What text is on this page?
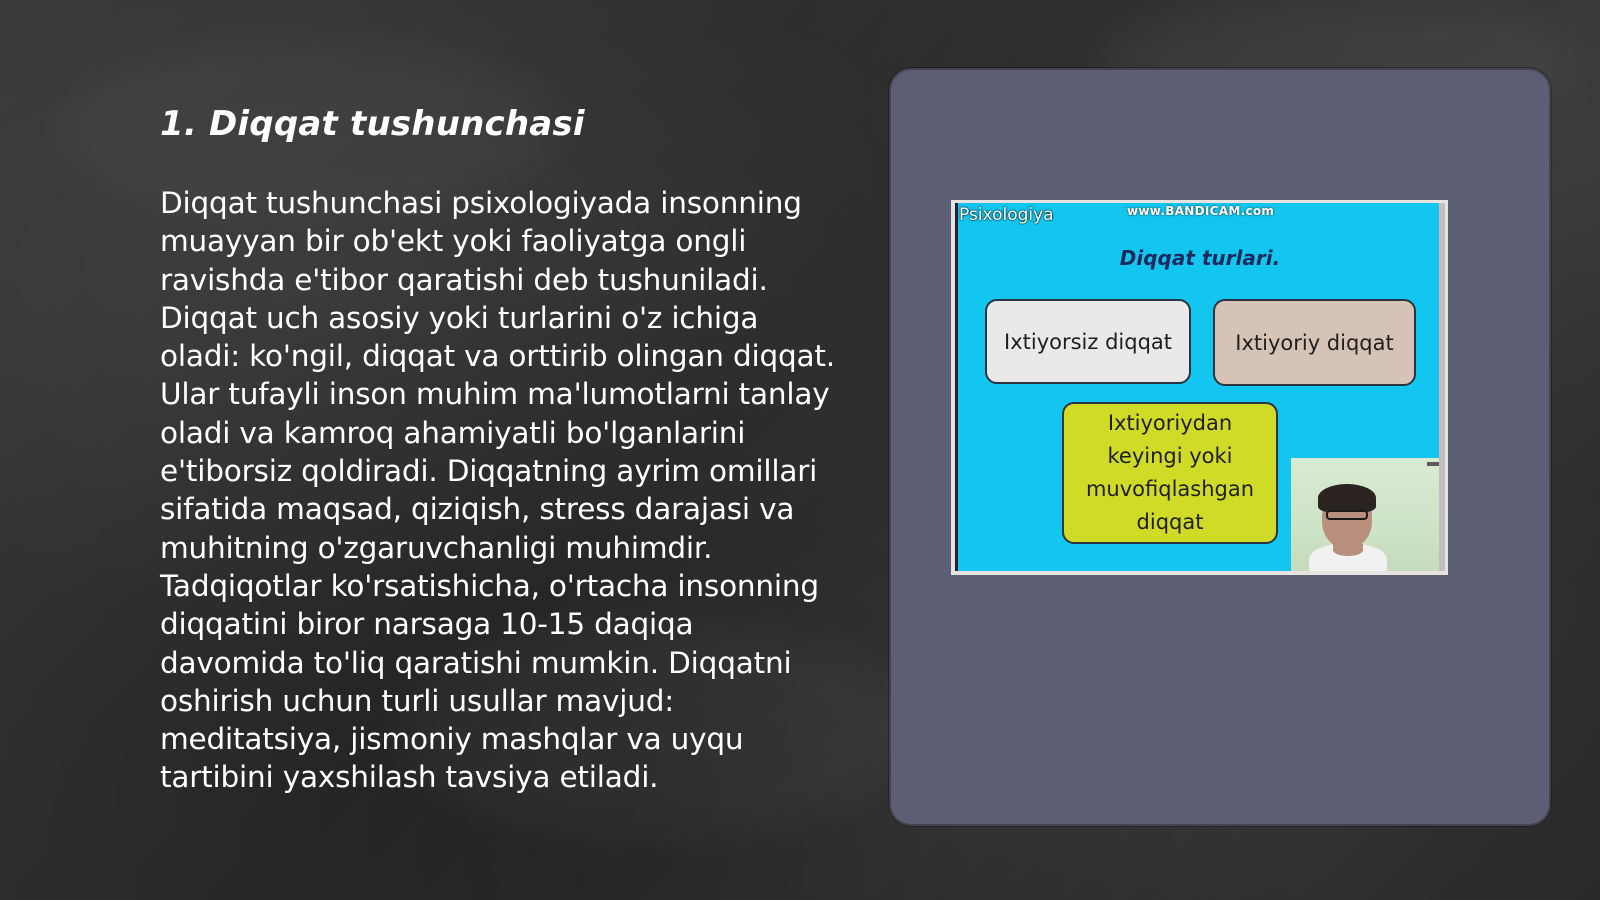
1. Diqqat tushunchasi

Diqqat tushunchasi psixologiyada insonning muayyan bir ob'ekt yoki faoliyatga ongli ravishda e'tibor qaratishi deb tushuniladi. Diqqat uch asosiy yoki turlarini o'z ichiga oladi: ko'ngil, diqqat va orttirib olingan diqqat. Ular tufayli inson muhim ma'lumotlarni tanlay oladi va kamroq ahamiyatli bo'lganlarini e'tiborsiz qoldiradi. Diqqatning ayrim omillari sifatida maqsad, qiziqish, stress darajasi va muhitning o'zgaruvchanligi muhimdir. Tadqiqotlar ko'rsatishicha, o'rtacha insonning diqqatini biror narsaga 10-15 daqiqa davomida to'liq qaratishi mumkin. Diqqatni oshirish uchun turli usullar mavjud: meditatsiya, jismoniy mashqlar va uyqu tartibini yaxshilash tavsiya etiladi.

Psixologiya	www.BANDICAM.com
Diqqat turlari.
Ixtiyorsiz diqqat	Ixtiyoriy diqqat
Ixtiyoriydan keyingi yoki muvofiqlashgan diqqat
